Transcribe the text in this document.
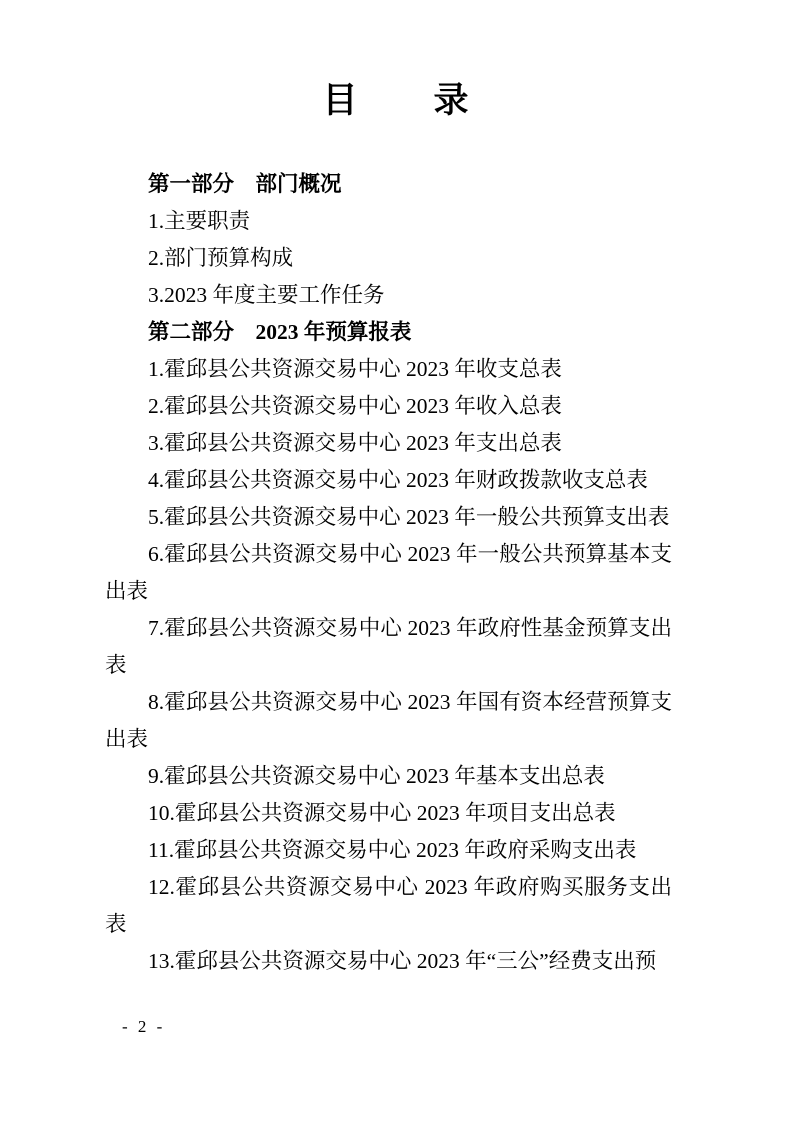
目　　录

第一部分　部门概况

1.主要职责

2.部门预算构成

3.2023 年度主要工作任务

第二部分　2023 年预算报表

1.霍邱县公共资源交易中心 2023 年收支总表

2.霍邱县公共资源交易中心 2023 年收入总表

3.霍邱县公共资源交易中心 2023 年支出总表

4.霍邱县公共资源交易中心 2023 年财政拨款收支总表

5.霍邱县公共资源交易中心 2023 年一般公共预算支出表

6.霍邱县公共资源交易中心 2023 年一般公共预算基本支出表

7.霍邱县公共资源交易中心 2023 年政府性基金预算支出表

8.霍邱县公共资源交易中心 2023 年国有资本经营预算支出表

9.霍邱县公共资源交易中心 2023 年基本支出总表

10.霍邱县公共资源交易中心 2023 年项目支出总表

11.霍邱县公共资源交易中心 2023 年政府采购支出表

12.霍邱县公共资源交易中心 2023 年政府购买服务支出表

13.霍邱县公共资源交易中心 2023 年“三公”经费支出预

- 2 -
